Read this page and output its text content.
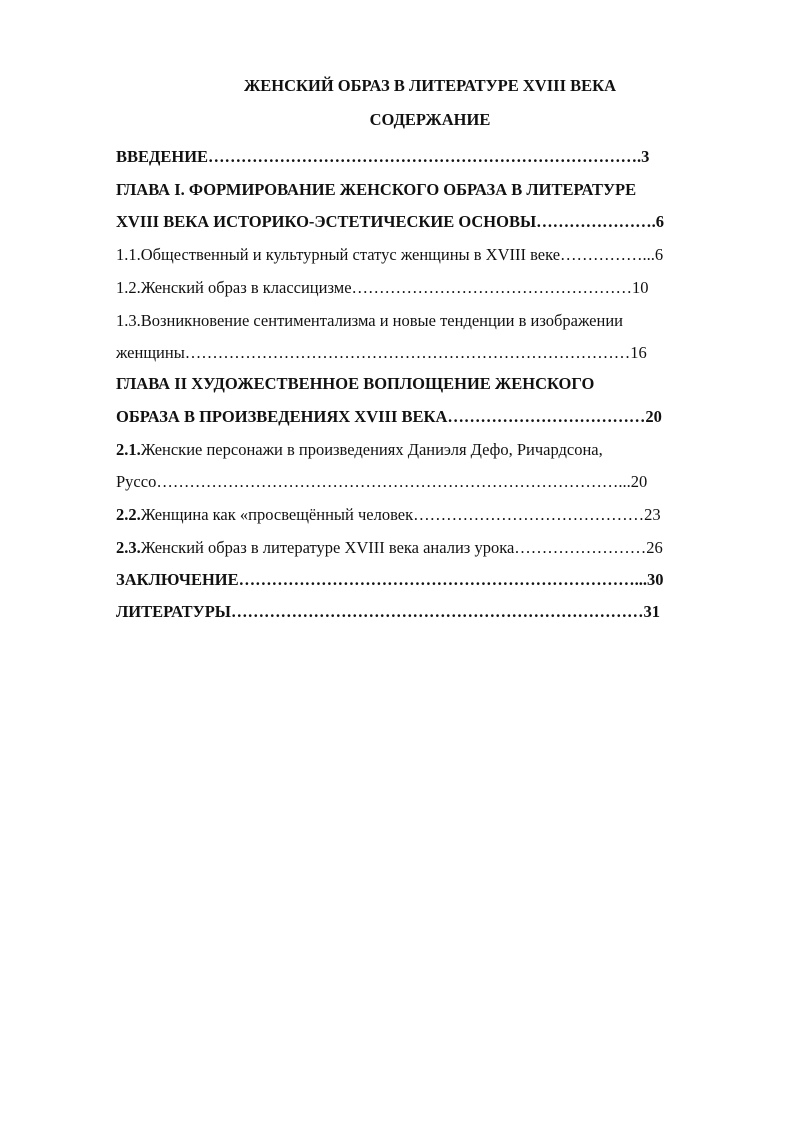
ЖЕНСКИЙ ОБРАЗ В ЛИТЕРАТУРЕ XVIII ВЕКА
СОДЕРЖАНИЕ

ВВЕДЕНИЕ…………………………………………………………………….3

ГЛАВА I. ФОРМИРОВАНИЕ ЖЕНСКОГО ОБРАЗА В ЛИТЕРАТУРЕ

XVIII ВЕКА ИСТОРИКО-ЭСТЕТИЧЕСКИЕ ОСНОВЫ………………….6

1.1.Общественный и культурный статус женщины в XVIII веке……………...6

1.2.Женский образ в классицизме……………………………………………10

1.3.Возникновение сентиментализма и новые тенденции в изображении

женщины………………………………………………………………………16

ГЛАВА II ХУДОЖЕСТВЕННОЕ ВОПЛОЩЕНИЕ ЖЕНСКОГО

ОБРАЗА В ПРОИЗВЕДЕНИЯХ XVIII ВЕКА………………………………20

2.1.Женские персонажи в произведениях Даниэля Дефо, Ричардсона,

Руссо…………………………………………………………………………...20

2.2.Женщина как «просвещённый человек……………………………………23

2.3.Женский образ в литературе XVIII века анализ урока……………………26

ЗАКЛЮЧЕНИЕ………………………………………………………………...30

ЛИТЕРАТУРЫ…………………………………………………………………31
